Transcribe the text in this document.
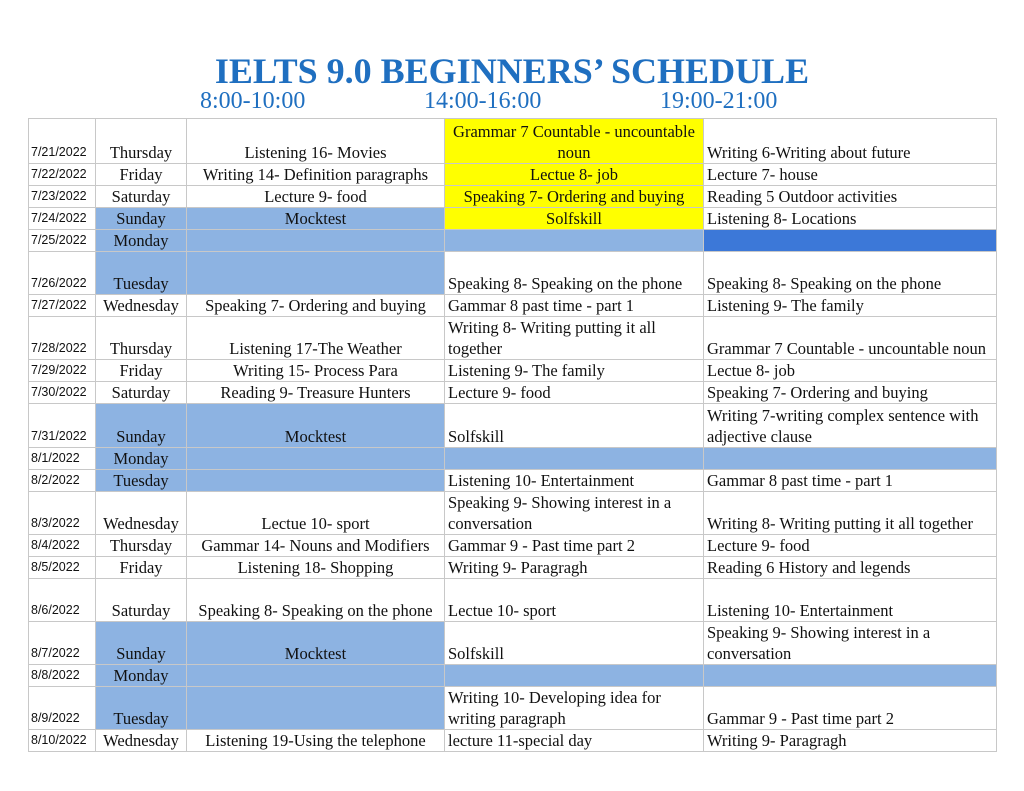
IELTS 9.0 BEGINNERS’ SCHEDULE
8:00-10:00	14:00-16:00	19:00-21:00
7/21/2022	Thursday	Listening 16- Movies	Grammar 7 Countable - uncountable noun	Writing 6-Writing about future
7/22/2022	Friday	Writing 14- Definition paragraphs	Lectue 8- job	Lecture 7- house
7/23/2022	Saturday	Lecture 9- food	Speaking 7- Ordering and buying	Reading 5 Outdoor activities
7/24/2022	Sunday	Mocktest	Solfskill	Listening 8- Locations
7/25/2022	Monday			
7/26/2022	Tuesday		Speaking 8- Speaking on the phone	Speaking 8- Speaking on the phone
7/27/2022	Wednesday	Speaking 7- Ordering and buying	Gammar 8 past time - part 1	Listening 9- The family
7/28/2022	Thursday	Listening 17-The Weather	Writing 8- Writing putting it all together	Grammar 7 Countable - uncountable noun
7/29/2022	Friday	Writing 15- Process Para	Listening 9- The family	Lectue 8- job
7/30/2022	Saturday	Reading 9- Treasure Hunters	Lecture 9- food	Speaking 7- Ordering and buying
7/31/2022	Sunday	Mocktest	Solfskill	Writing 7-writing complex sentence with adjective clause
8/1/2022	Monday			
8/2/2022	Tuesday		Listening 10- Entertainment	Gammar 8 past time - part 1
8/3/2022	Wednesday	Lectue 10- sport	Speaking 9- Showing interest in a conversation	Writing 8- Writing putting it all together
8/4/2022	Thursday	Gammar 14- Nouns and Modifiers	Gammar 9 - Past time part 2	Lecture 9- food
8/5/2022	Friday	Listening 18- Shopping	Writing 9- Paragragh	Reading 6 History and legends
8/6/2022	Saturday	Speaking 8- Speaking on the phone	Lectue 10- sport	Listening 10- Entertainment
8/7/2022	Sunday	Mocktest	Solfskill	Speaking 9- Showing interest in a conversation
8/8/2022	Monday			
8/9/2022	Tuesday		Writing 10- Developing idea for writing paragraph	Gammar 9 - Past time part 2
8/10/2022	Wednesday	Listening 19-Using the telephone	lecture 11-special day	Writing 9- Paragragh
